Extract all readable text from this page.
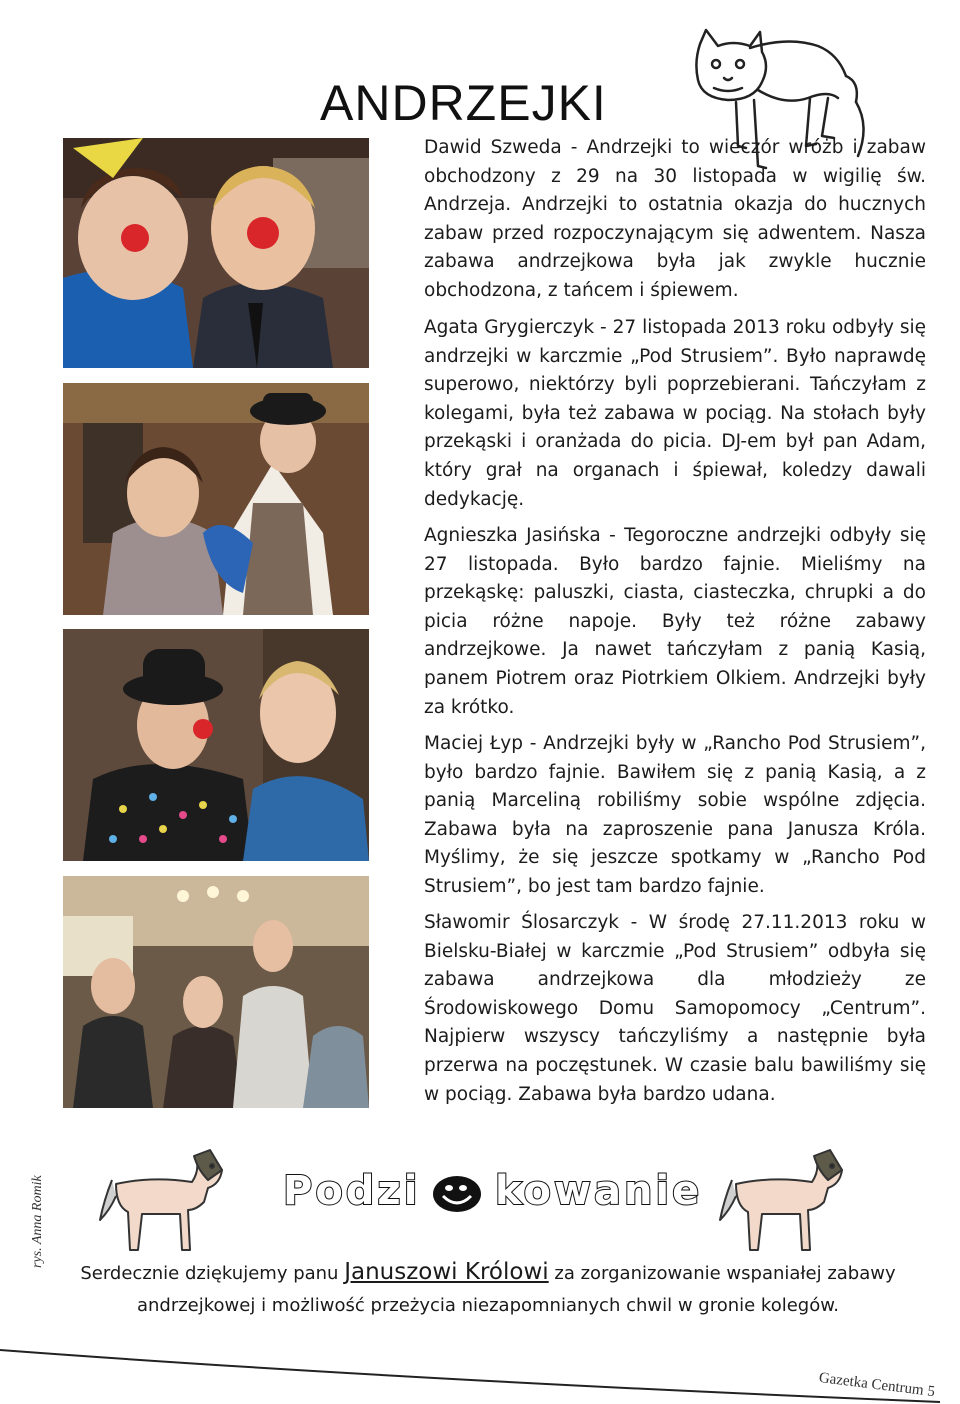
ANDRZEJKI

Dawid Szweda - Andrzejki to wieczór wróżb i zabaw obchodzony z 29 na 30 listopada w wigilię św. Andrzeja. Andrzejki to ostatnia okazja do hucznych zabaw przed rozpoczynającym się adwentem. Nasza zabawa andrzejkowa była jak zwykle hucznie obchodzona, z tańcem i śpiewem.

Agata Grygierczyk - 27 listopada 2013 roku odbyły się andrzejki w karczmie „Pod Strusiem”. Było naprawdę superowo, niektórzy byli poprzebierani. Tańczyłam z kolegami, była też zabawa w pociąg. Na stołach były przekąski i oranżada do picia. DJ-em był pan Adam, który grał na organach i śpiewał, koledzy dawali dedykację.

Agnieszka Jasińska - Tegoroczne andrzejki odbyły się 27 listopada. Było bardzo fajnie. Mieliśmy na przekąskę: paluszki, ciasta, ciasteczka, chrupki a do picia różne napoje. Były też różne zabawy andrzejkowe. Ja nawet tańczyłam z panią Kasią, panem Piotrem oraz Piotrkiem Olkiem. Andrzejki były za krótko.

Maciej Łyp - Andrzejki były w „Rancho Pod Strusiem”, było bardzo fajnie. Bawiłem się z panią Kasią, a z panią Marceliną robiliśmy sobie wspólne zdjęcia. Zabawa była na zaproszenie pana Janusza Króla. Myślimy, że się jeszcze spotkamy w „Rancho Pod Strusiem”, bo jest tam bardzo fajnie.

Sławomir Ślosarczyk - W środę 27.11.2013 roku w Bielsku-Białej w karczmie „Pod Strusiem” odbyła się zabawa andrzejkowa dla młodzieży ze Środowiskowego Domu Samopomocy „Centrum”. Najpierw wszyscy tańczyliśmy a następnie była przerwa na poczęstunek. W czasie balu bawiliśmy się w pociąg. Zabawa była bardzo udana.

rys. Anna Romik	Podzi kowanie
Serdecznie dziękujemy panu Januszowi Królowi za zorganizowanie wspaniałej zabawy andrzejkowej i możliwość przeżycia niezapomnianych chwil w gronie kolegów.
Gazetka Centrum 5
